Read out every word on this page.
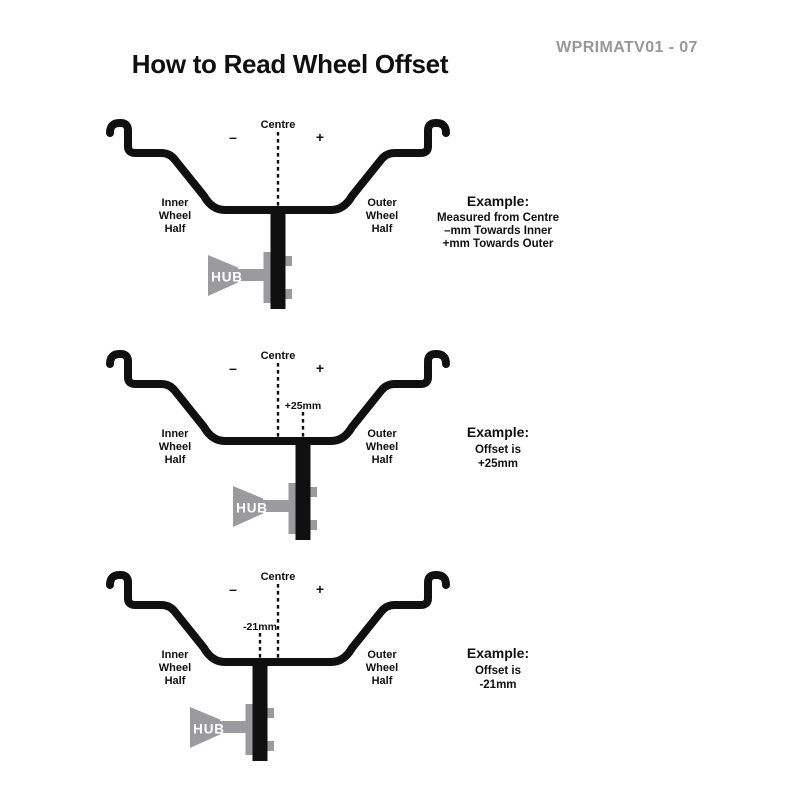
How to Read Wheel Offset
WPRIMATV01 - 07
Centre
–	+
Inner
Wheel
Half
Outer
Wheel
Half
HUB
Example:
Measured from Centre
–mm Towards Inner
+mm Towards Outer
Centre
–	+
Inner
Wheel
Half
Outer
Wheel
Half
+25mm
HUB
Example:
Offset is
+25mm
Centre
–	+
Inner
Wheel
Half
Outer
Wheel
Half
-21mm
HUB
Example:
Offset is
-21mm
